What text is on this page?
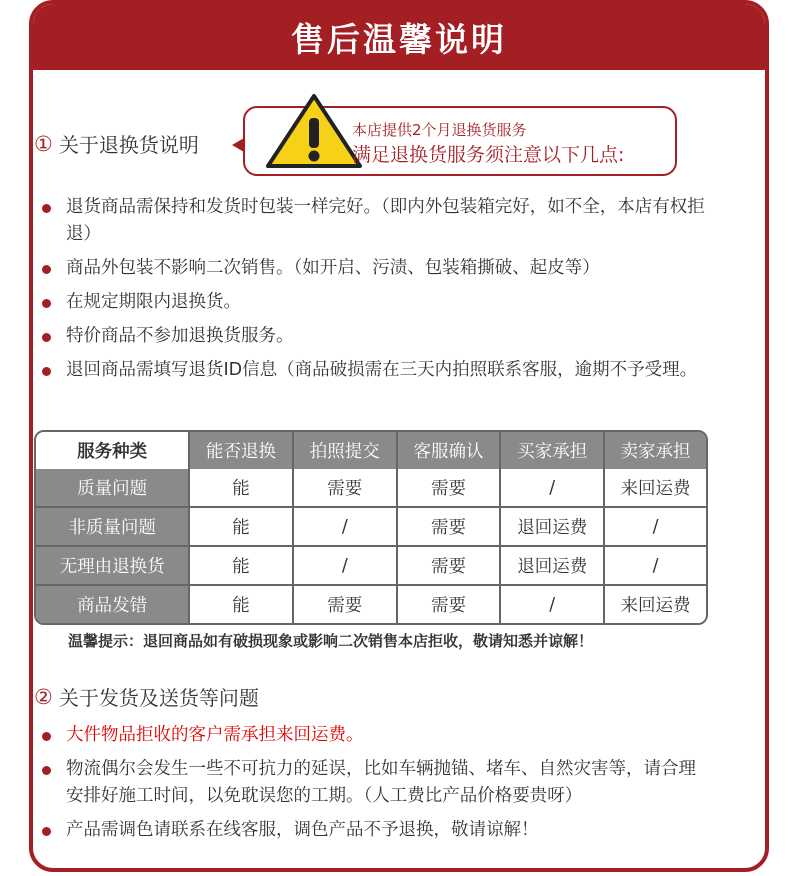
售后温馨说明
① 关于退换货说明
本店提供2个月退换货服务
满足退换货服务须注意以下几点:
退货商品需保持和发货时包装一样完好。（即内外包装箱完好，如不全，本店有权拒退）
商品外包装不影响二次销售。（如开启、污渍、包装箱撕破、起皮等）
在规定期限内退换货。
特价商品不参加退换货服务。
退回商品需填写退货ID信息（商品破损需在三天内拍照联系客服，逾期不予受理。
服务种类	能否退换	拍照提交	客服确认	买家承担	卖家承担
质量问题	能	需要	需要	/	来回运费
非质量问题	能	/	需要	退回运费	/
无理由退换货	能	/	需要	退回运费	/
商品发错	能	需要	需要	/	来回运费
温馨提示：退回商品如有破损现象或影响二次销售本店拒收，敬请知悉并谅解！
② 关于发货及送货等问题
大件物品拒收的客户需承担来回运费。
物流偶尔会发生一些不可抗力的延误，比如车辆抛锚、堵车、自然灾害等，请合理安排好施工时间，以免耽误您的工期。（人工费比产品价格要贵呀）
产品需调色请联系在线客服，调色产品不予退换，敬请谅解！
